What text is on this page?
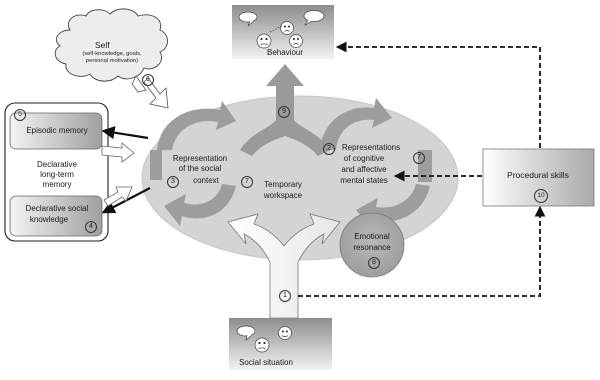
Self
(self-knowledge, goals,
personal motivation)
6
Behaviour
5
Episodic memory
Declarative
long-term
memory
Declarative social
knowledge
4
Representation
of the social
context
3
2	Representations
of cognitive
and affective
mental states
7	Temporary
workspace
7
9
Emotional
resonance
8
Procedural skills
10
1
Social situation
